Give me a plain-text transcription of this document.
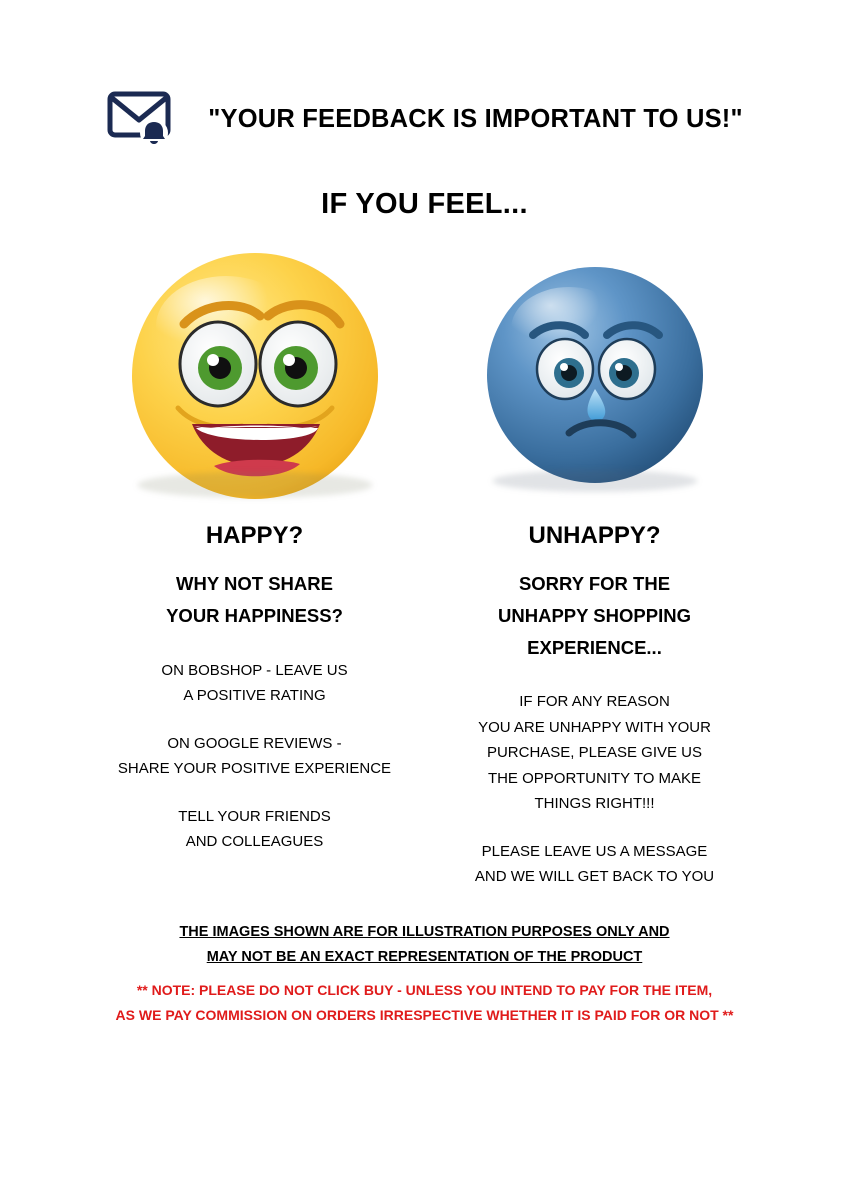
"YOUR FEEDBACK IS IMPORTANT TO US!"
IF YOU FEEL...
HAPPY?
WHY NOT SHARE
YOUR HAPPINESS?
ON BOBSHOP - LEAVE US
A POSITIVE RATING
ON GOOGLE REVIEWS -
SHARE YOUR POSITIVE EXPERIENCE
TELL YOUR FRIENDS
AND COLLEAGUES
UNHAPPY?
SORRY FOR THE
UNHAPPY SHOPPING
EXPERIENCE...
IF FOR ANY REASON
YOU ARE UNHAPPY WITH YOUR
PURCHASE, PLEASE GIVE US
THE OPPORTUNITY TO MAKE
THINGS RIGHT!!!
PLEASE LEAVE US A MESSAGE
AND WE WILL GET BACK TO YOU
THE IMAGES SHOWN ARE FOR ILLUSTRATION PURPOSES ONLY AND
MAY NOT BE AN EXACT REPRESENTATION OF THE PRODUCT
** NOTE: PLEASE DO NOT CLICK BUY - UNLESS YOU INTEND TO PAY FOR THE ITEM,
AS WE PAY COMMISSION ON ORDERS IRRESPECTIVE WHETHER IT IS PAID FOR OR NOT **
